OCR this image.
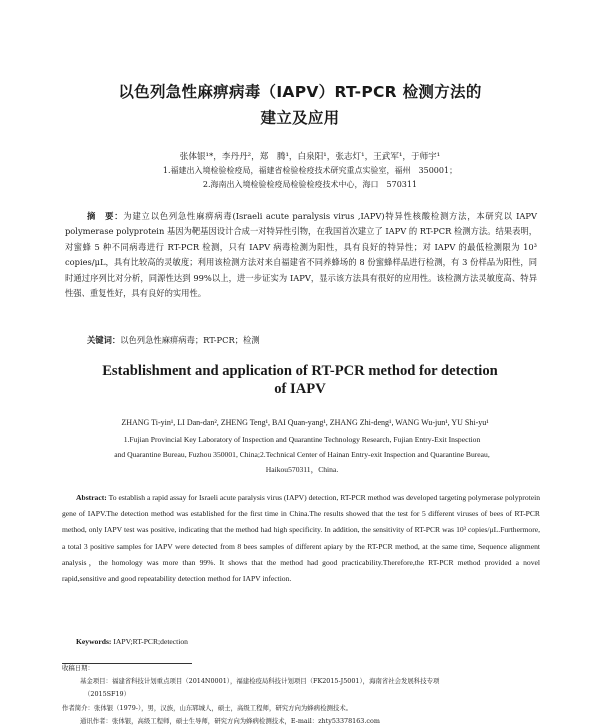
以色列急性麻痹病毒（IAPV）RT-PCR 检测方法的
建立及应用
张体银¹*，李丹丹²，郑　腾¹，白泉阳¹，张志灯¹，王武军¹，于师宇¹
1.福建出入境检验检疫局，福建省检验检疫技术研究重点实验室，福州　350001；
2.海南出入境检验检疫局检验检疫技术中心，海口　570311
摘　要：为建立以色列急性麻痹病毒(Israeli acute paralysis virus ,IAPV)特异性核酸检测方法，本研究以 IAPV polymerase polyprotein 基因为靶基因设计合成一对特异性引物，在我国首次建立了 IAPV 的 RT-PCR 检测方法。结果表明，对蜜蜂 5 种不同病毒进行 RT-PCR 检测，只有 IAPV 病毒检测为阳性，具有良好的特异性；对 IAPV 的最低检测限为 10³ copies/μL，具有比较高的灵敏度；利用该检测方法对来自福建省不同养蜂场的 8 份蜜蜂样品进行检测，有 3 份样品为阳性，同时通过序列比对分析，同源性达到 99%以上，进一步证实为 IAPV，显示该方法具有很好的应用性。该检测方法灵敏度高、特异性强、重复性好，具有良好的实用性。
关键词：以色列急性麻痹病毒；RT-PCR；检测
Establishment and application of RT-PCR method for detection
of IAPV
ZHANG Ti-yin¹, LI Dan-dan², ZHENG Teng¹, BAI Quan-yang¹, ZHANG Zhi-deng¹, WANG Wu-jun¹, YU Shi-yu¹
1.Fujian Provincial Key Laboratory of Inspection and Quarantine Technology Research, Fujian Entry-Exit Inspection
and Quarantine Bureau, Fuzhou 350001, China;2.Technical Center of Hainan Entry-exit Inspection and Quarantine Bureau,
Haikou570311，China.
Abstract: To establish a rapid assay for Israeli acute paralysis virus (IAPV) detection, RT-PCR method was developed targeting polymerase polyprotein gene of IAPV.The detection method was established for the first time in China.The results showed that the test for 5 different viruses of bees of RT-PCR method, only IAPV test was positive, indicating that the method had high specificity. In addition, the sensitivity of RT-PCR was 10³ copies/μL.Furthermore, a total 3 positive samples for IAPV were detected from 8 bees samples of different apiary by the RT-PCR method, at the same time, Sequence alignment analysis，the homology was more than 99%. It shows that the method had good practicability.Therefore,the RT-PCR method provided a novel rapid,sensitive and good repeatability detection method for IAPV infection.
Keywords: IAPV;RT-PCR;detection
收稿日期：
基金项目：福建省科技计划重点项目（2014N0001），福建检疫局科技计划项目（FK2015-J5001），海南省社会发展科技专项
（2015SF19）
作者简介：张体银（1979-），男，汉族，山东郓城人，硕士，高级工程师，研究方向为蜂病检测技术。
通讯作者：张体银，高级工程师，硕士生导师，研究方向为蜂病检测技术，E-mail：zhty53378163.com
